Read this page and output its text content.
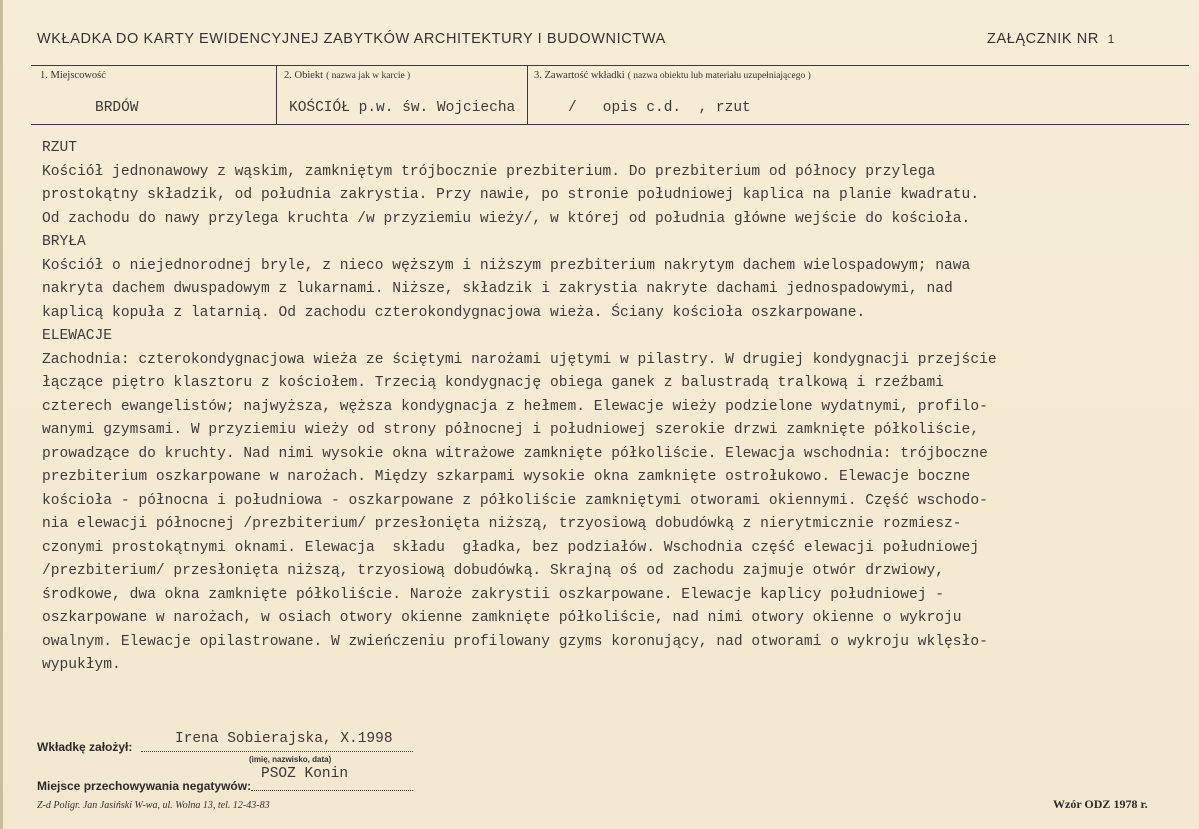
WKŁADKA DO KARTY EWIDENCYJNEJ ZABYTKÓW ARCHITEKTURY I BUDOWNICTWA	ZAŁĄCZNIK NR 1
1. Miejscowość
BRDÓW
2. Obiekt ( nazwa jak w karcie )
KOŚCIÓŁ p.w. św. Wojciecha
3. Zawartość wkładki ( nazwa obiektu lub materiału uzupełniającego )
/   opis c.d.  , rzut
RZUT
Kościół jednonawowy z wąskim, zamkniętym trójbocznie prezbiterium. Do prezbiterium od północy przylega
prostokątny składzik, od południa zakrystia. Przy nawie, po stronie południowej kaplica na planie kwadratu.
Od zachodu do nawy przylega kruchta /w przyziemiu wieży/, w której od południa główne wejście do kościoła.
BRYŁA
Kościół o niejednorodnej bryle, z nieco węższym i niższym prezbiterium nakrytym dachem wielospadowym; nawa
nakryta dachem dwuspadowym z lukarnami. Niższe, składzik i zakrystia nakryte dachami jednospadowymi, nad
kaplicą kopuła z latarnią. Od zachodu czterokondygnacjowa wieża. Ściany kościoła oszkarpowane.
ELEWACJE
Zachodnia: czterokondygnacjowa wieża ze ściętymi narożami ujętymi w pilastry. W drugiej kondygnacji przejście
łączące piętro klasztoru z kościołem. Trzecią kondygnację obiega ganek z balustradą tralkową i rzeźbami
czterech ewangelistów; najwyższa, węższa kondygnacja z hełmem. Elewacje wieży podzielone wydatnymi, profilo-
wanymi gzymsami. W przyziemiu wieży od strony północnej i południowej szerokie drzwi zamknięte półkoliście,
prowadzące do kruchty. Nad nimi wysokie okna witrażowe zamknięte półkoliście. Elewacja wschodnia: trójboczne
prezbiterium oszkarpowane w narożach. Między szkarpami wysokie okna zamknięte ostrołukowo. Elewacje boczne
kościoła - północna i południowa - oszkarpowane z półkoliście zamkniętymi otworami okiennymi. Część wschodo-
nia elewacji północnej /prezbiterium/ przesłonięta niższą, trzyosiową dobudówką z nierytmicznie rozmiesz-
czonymi prostokątnymi oknami. Elewacja  składu  gładka, bez podziałów. Wschodnia część elewacji południowej
/prezbiterium/ przesłonięta niższą, trzyosiową dobudówką. Skrajną oś od zachodu zajmuje otwór drzwiowy,
środkowe, dwa okna zamknięte półkoliście. Naroże zakrystii oszkarpowane. Elewacje kaplicy południowej -
oszkarpowane w narożach, w osiach otwory okienne zamknięte półkoliście, nad nimi otwory okienne o wykroju
owalnym. Elewacje opilastrowane. W zwieńczeniu profilowany gzyms koronujący, nad otworami o wykroju wklęsło-
wypukłym.
Wkładkę założył:	Irena Sobierajska, X.1998
(imię, nazwisko, data)
Miejsce przechowywania negatywów:
PSOZ Konin
Z-d Poligr. Jan Jasiński W-wa, ul. Wolna 13, tel. 12-43-83	Wzór ODZ 1978 r.
